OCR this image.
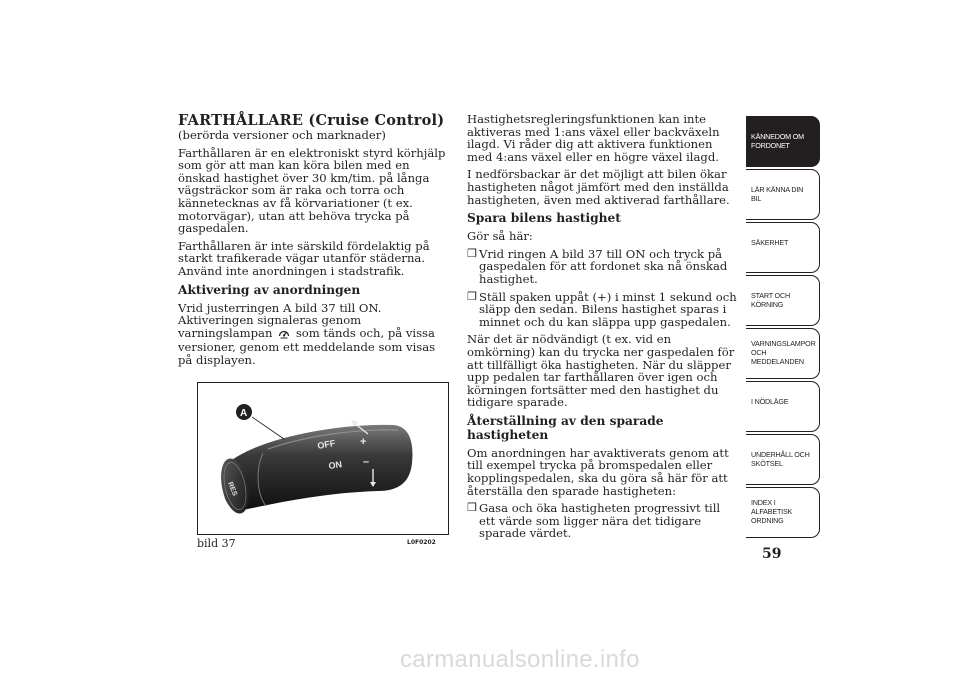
FARTHÅLLARE (Cruise Control)

(berörda versioner och marknader)

Farthållaren är en elektroniskt styrd körhjälp som gör att man kan köra bilen med en önskad hastighet över 30 km/tim. på långa vägsträckor som är raka och torra och kännetecknas av få körvariationer (t ex. motorvägar), utan att behöva trycka på gaspedalen.

Farthållaren är inte särskild fördelaktig på starkt trafikerade vägar utanför städerna. Använd inte anordningen i stadstrafik.

Aktivering av anordningen

Vrid justerringen A bild 37 till ON. Aktiveringen signaleras genom varningslampan som tänds och, på vissa versioner, genom ett meddelande som visas på displayen.

OFF
ON
RES
+
–
A
bild 37	L0F0202

Hastighetsregleringsfunktionen kan inte aktiveras med 1:ans växel eller backväxeln ilagd. Vi råder dig att aktivera funktionen med 4:ans växel eller en högre växel ilagd.

I nedförsbackar är det möjligt att bilen ökar hastigheten något jämfört med den inställda hastigheten, även med aktiverad farthållare.

Spara bilens hastighet

Gör så här:

❒ Vrid ringen A bild 37 till ON och tryck på gaspedalen för att fordonet ska nå önskad hastighet.
❒ Ställ spaken uppåt (+) i minst 1 sekund och släpp den sedan. Bilens hastighet sparas i minnet och du kan släppa upp gaspedalen.

När det är nödvändigt (t ex. vid en omkörning) kan du trycka ner gaspedalen för att tillfälligt öka hastigheten. När du släpper upp pedalen tar farthållaren över igen och körningen fortsätter med den hastighet du tidigare sparade.

Återställning av den sparade hastigheten

Om anordningen har avaktiverats genom att till exempel trycka på bromspedalen eller kopplingspedalen, ska du göra så här för att återställa den sparade hastigheten:

❒ Gasa och öka hastigheten progressivt till ett värde som ligger nära det tidigare sparade värdet.
KÄNNEDOM OM
FORDONET
LÄR KÄNNA DIN
BIL
SÄKERHET
START OCH
KÖRNING
VARNINGSLAMPOR
OCH
MEDDELANDEN
I NÖDLÄGE
UNDERHÅLL OCH
SKÖTSEL
INDEX I
ALFABETISK
ORDNING
59
carmanualsonline.info
